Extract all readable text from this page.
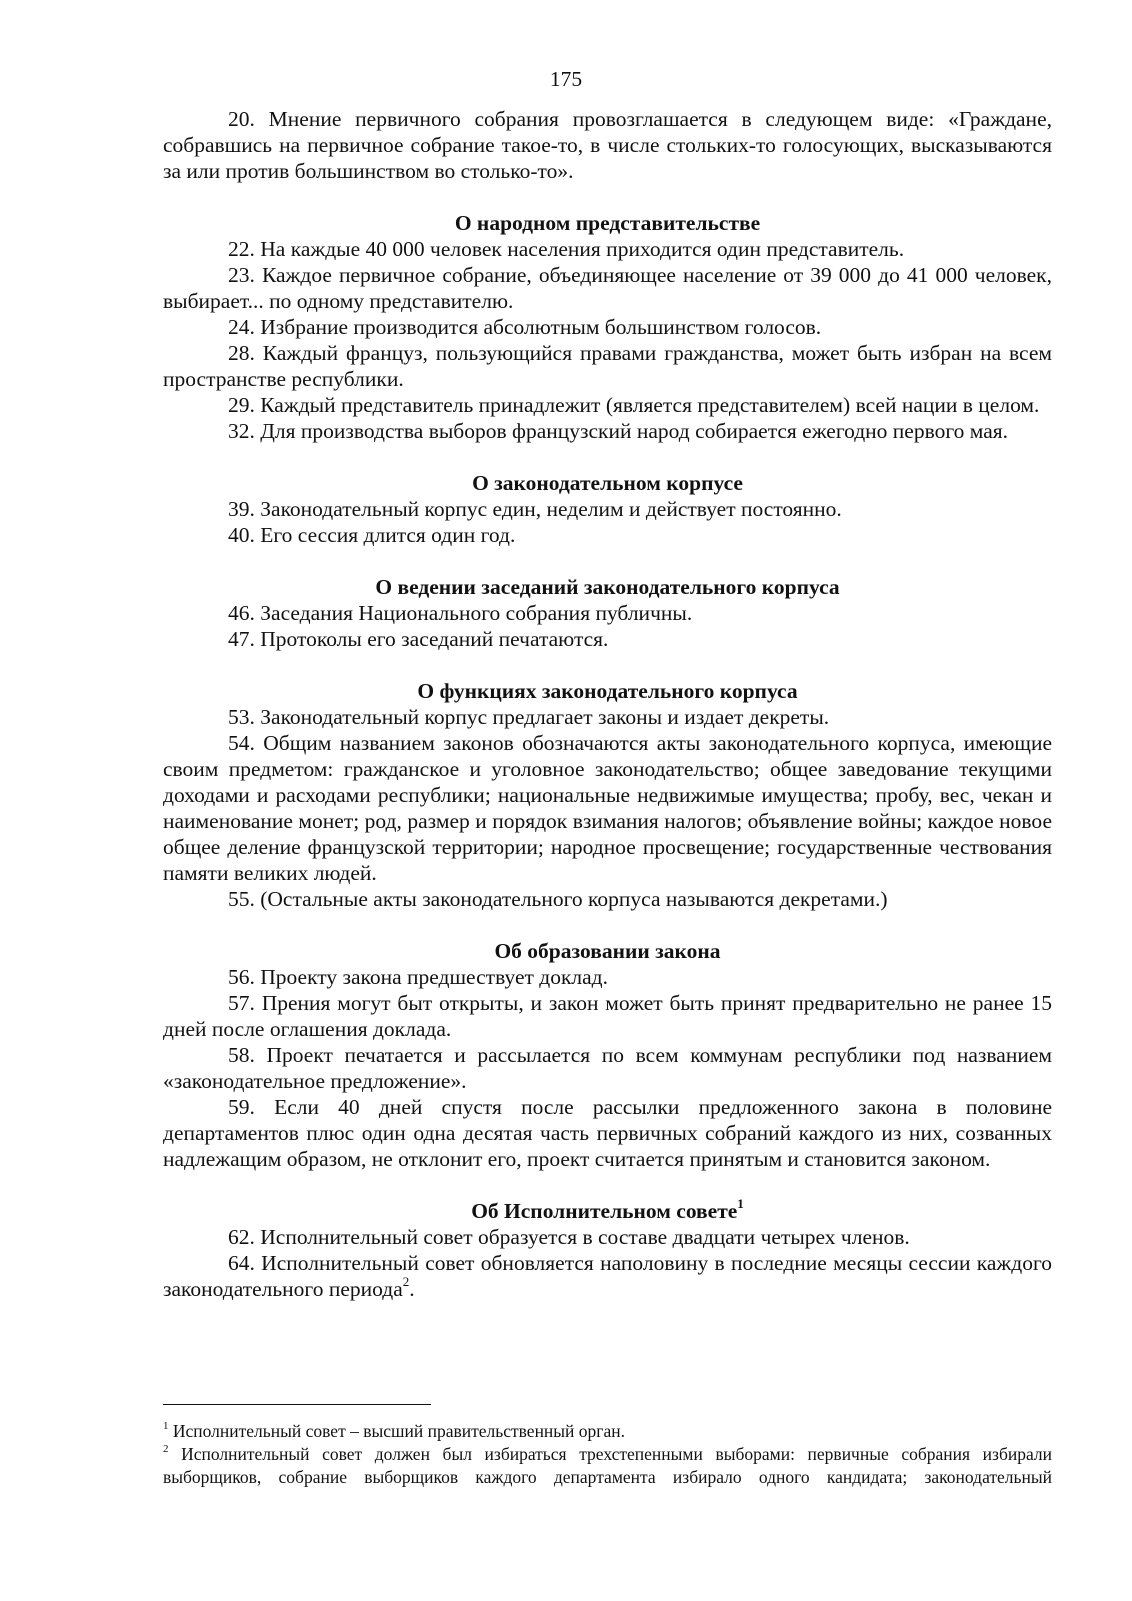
175

20. Мнение первичного собрания провозглашается в следующем виде: «Граждане, собравшись на первичное собрание такое-то, в числе стольких-то голосующих, высказываются за или против большинством во столько-то».

О народном представительстве

22. На каждые 40 000 человек населения приходится один представитель.

23. Каждое первичное собрание, объединяющее население от 39 000 до 41 000 человек, выбирает... по одному представителю.

24. Избрание производится абсолютным большинством голосов.

28. Каждый француз, пользующийся правами гражданства, может быть избран на всем пространстве республики.

29. Каждый представитель принадлежит (является представителем) всей нации в целом.

32. Для производства выборов французский народ собирается ежегодно первого мая.

О законодательном корпусе

39. Законодательный корпус един, неделим и действует постоянно.

40. Его сессия длится один год.

О ведении заседаний законодательного корпуса

46. Заседания Национального собрания публичны.

47. Протоколы его заседаний печатаются.

О функциях законодательного корпуса

53. Законодательный корпус предлагает законы и издает декреты.

54. Общим названием законов обозначаются акты законодательного корпуса, имеющие своим предметом: гражданское и уголовное законодательство; общее заведование текущими доходами и расходами республики; национальные недвижимые имущества; пробу, вес, чекан и наименование монет; род, размер и порядок взимания налогов; объявление войны; каждое новое общее деление французской территории; народное просвещение; государственные чествования памяти великих людей.

55. (Остальные акты законодательного корпуса называются декретами.)

Об образовании закона

56. Проекту закона предшествует доклад.

57. Прения могут быт открыты, и закон может быть принят предварительно не ранее 15 дней после оглашения доклада.

58. Проект печатается и рассылается по всем коммунам республики под названием «законодательное предложение».

59. Если 40 дней спустя после рассылки предложенного закона в половине департаментов плюс один одна десятая часть первичных собраний каждого из них, созванных надлежащим образом, не отклонит его, проект считается принятым и становится законом.

Об Исполнительном совете$^1$

62. Исполнительный совет образуется в составе двадцати четырех членов.

64. Исполнительный совет обновляется наполовину в последние месяцы сессии каждого законодательного периода$^2$.

$^1$ Исполнительный совет – высший правительственный орган.

$^2$ Исполнительный совет должен был избираться трехстепенными выборами: первичные собрания избирали выборщиков, собрание выборщиков каждого департамента избирало одного кандидата; законодательный
